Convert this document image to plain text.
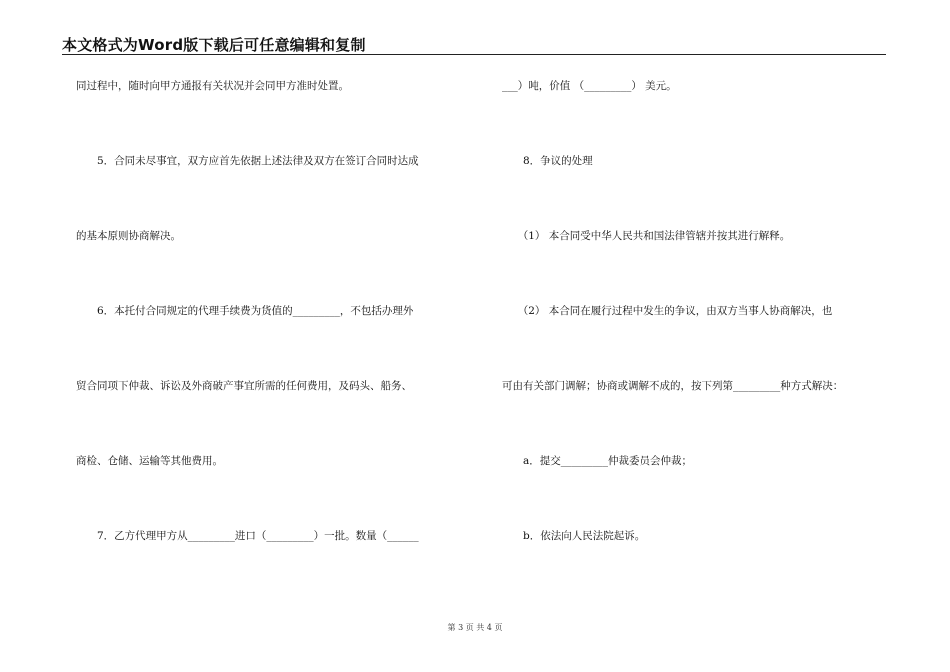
本文格式为Word版下载后可任意编辑和复制
同过程中，随时向甲方通报有关状况并会同甲方准时处置。
　　5．合同未尽事宜，双方应首先依据上述法律及双方在签订合同时达成
的基本原则协商解决。
　　6．本托付合同规定的代理手续费为货值的_________，不包括办理外
贸合同项下仲裁、诉讼及外商破产事宜所需的任何费用，及码头、船务、
商检、仓储、运输等其他费用。
　　7．乙方代理甲方从_________进口（_________）一批。数量（______
___）吨，价值 （_________） 美元。
　　8．争议的处理
　　（1） 本合同受中华人民共和国法律管辖并按其进行解释。
　　（2） 本合同在履行过程中发生的争议，由双方当事人协商解决，也
可由有关部门调解；协商或调解不成的，按下列第_________种方式解决：
　　a．提交_________仲裁委员会仲裁；
　　b．依法向人民法院起诉。
第 3 页 共 4 页
